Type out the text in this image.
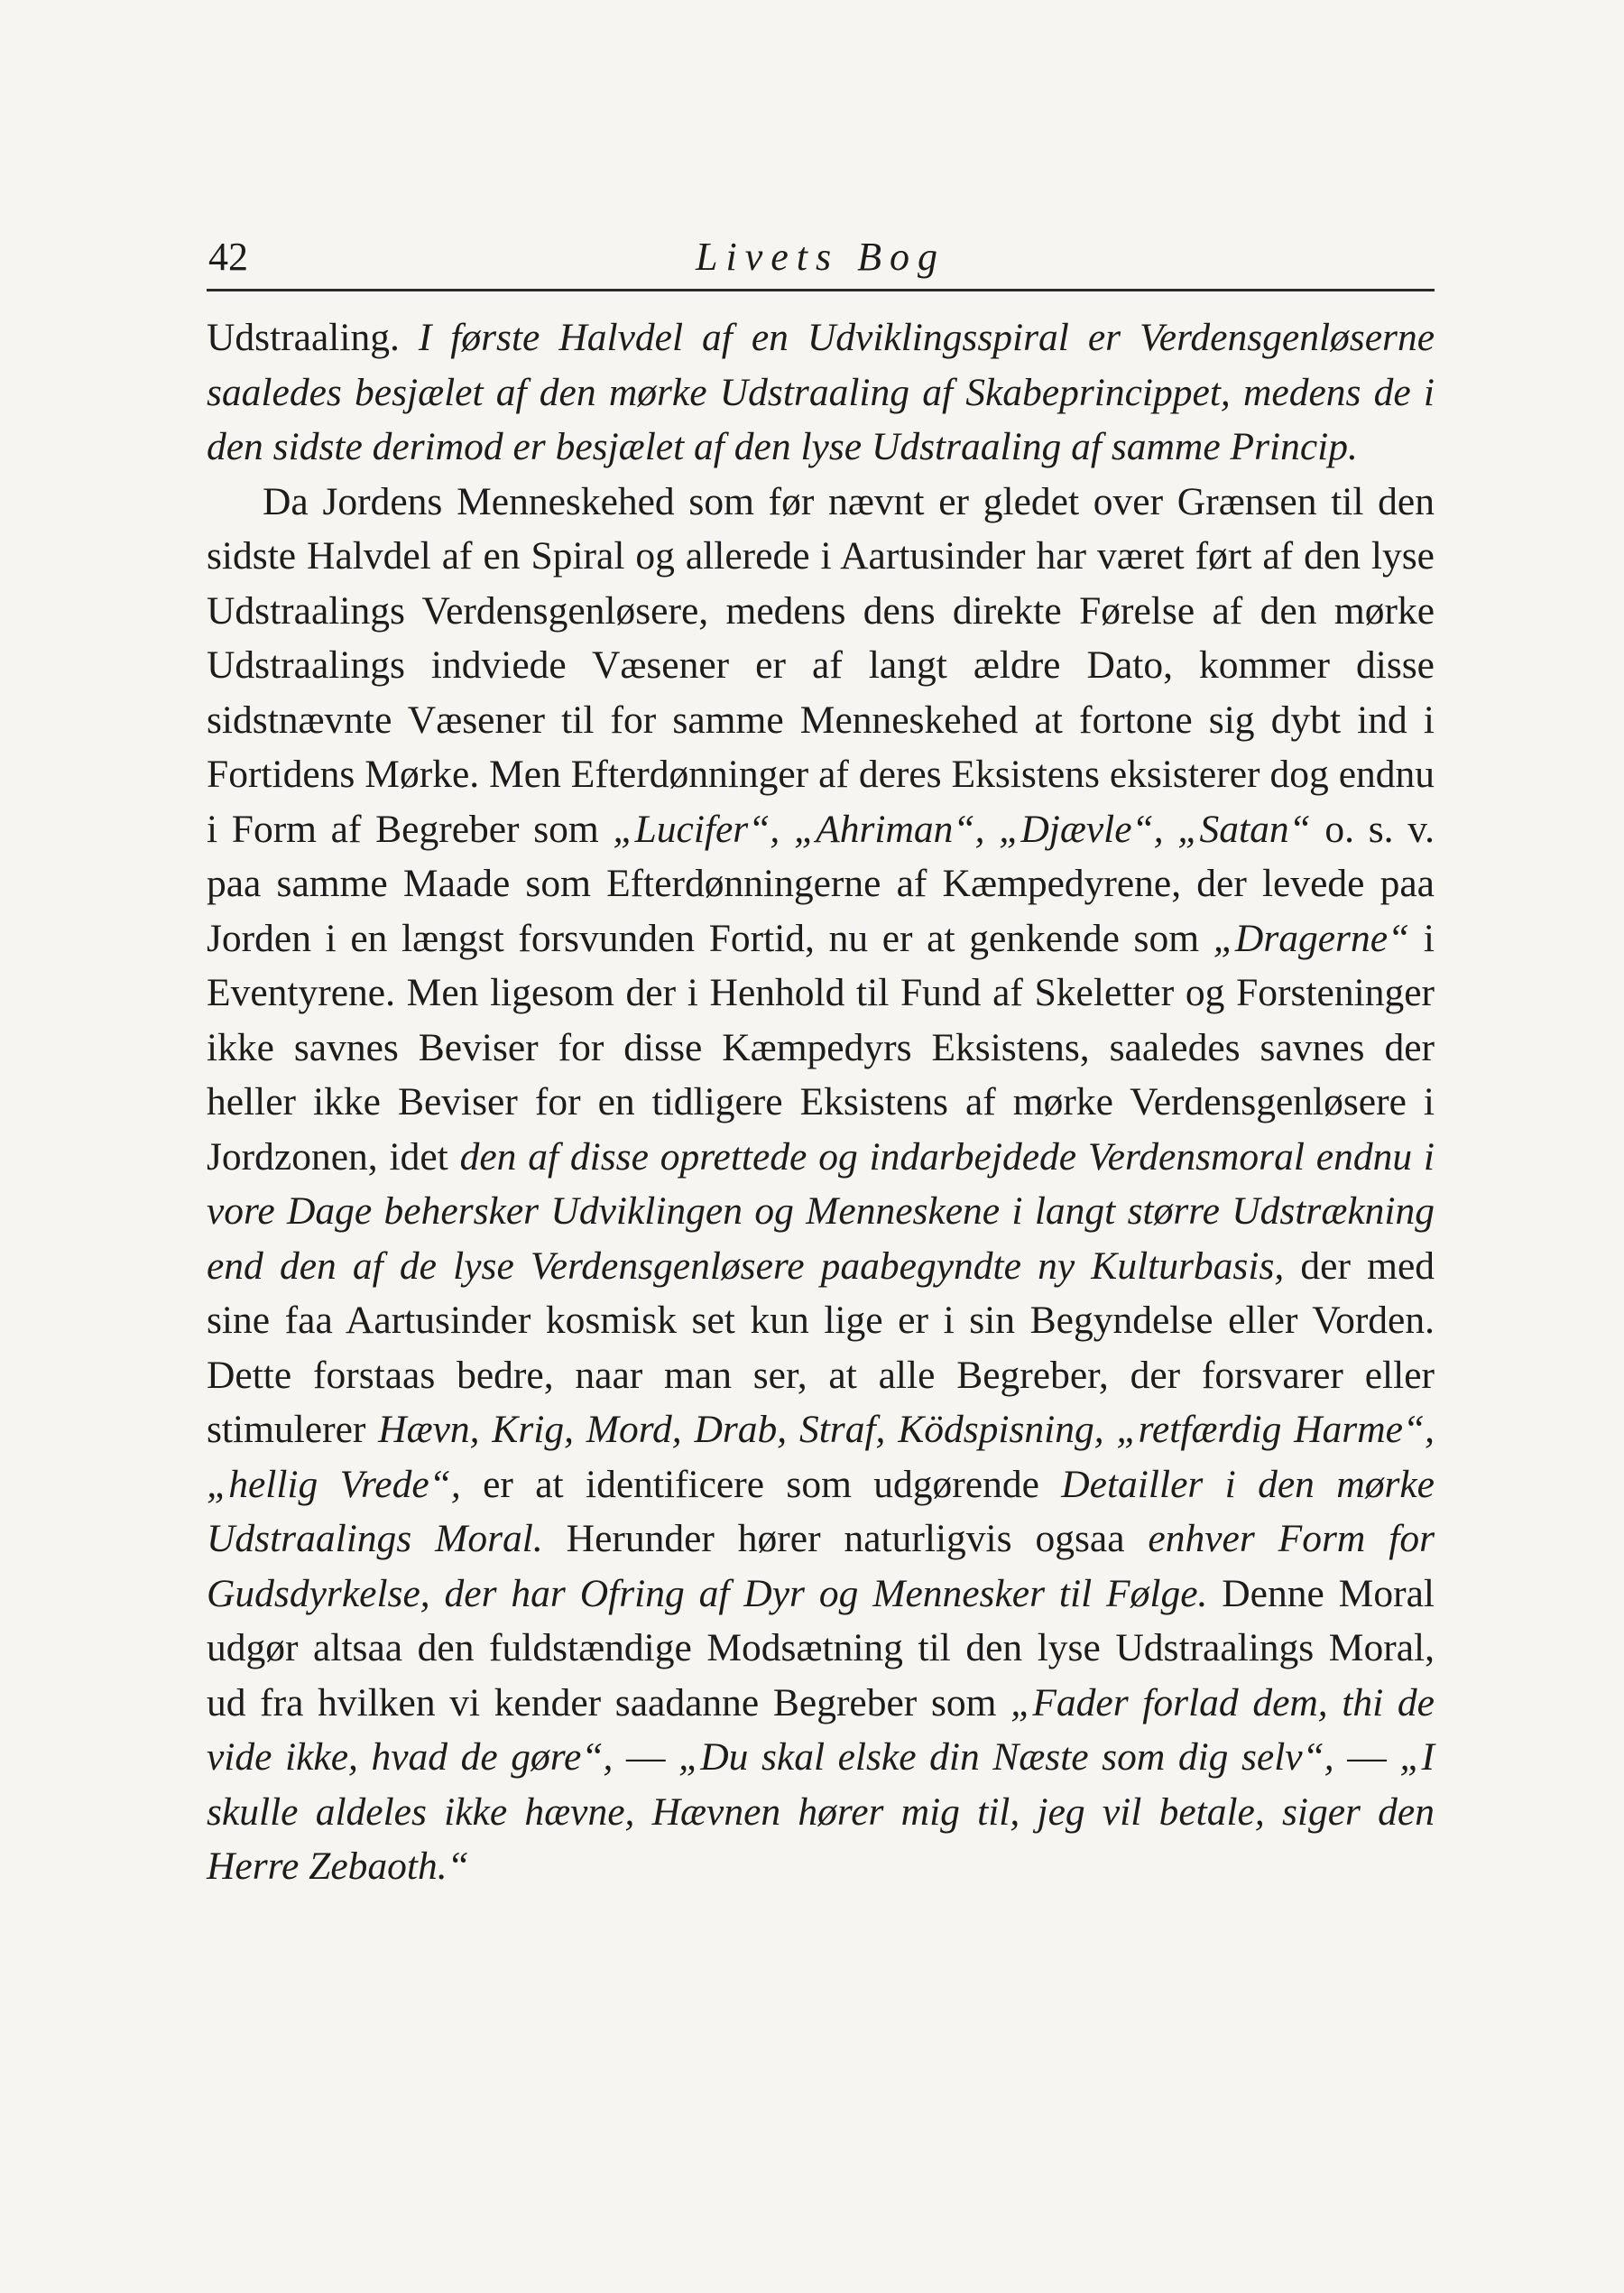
42	Livets Bog

Udstraaling. I første Halvdel af en Udviklingsspiral er Verdensgenløserne saaledes besjælet af den mørke Udstraaling af Skabeprincippet, medens de i den sidste derimod er besjælet af den lyse Udstraaling af samme Princip.

Da Jordens Menneskehed som før nævnt er gledet over Grænsen til den sidste Halvdel af en Spiral og allerede i Aartusinder har været ført af den lyse Udstraalings Verdensgenløsere, medens dens direkte Førelse af den mørke Udstraalings indviede Væsener er af langt ældre Dato, kommer disse sidstnævnte Væsener til for samme Menneskehed at fortone sig dybt ind i Fortidens Mørke. Men Efterdønninger af deres Eksistens eksisterer dog endnu i Form af Begreber som „Lucifer“, „Ahriman“, „Djævle“, „Satan“ o. s. v. paa samme Maade som Efterdønningerne af Kæmpedyrene, der levede paa Jorden i en længst forsvunden Fortid, nu er at genkende som „Dragerne“ i Eventyrene. Men ligesom der i Henhold til Fund af Skeletter og Forsteninger ikke savnes Beviser for disse Kæmpedyrs Eksistens, saaledes savnes der heller ikke Beviser for en tidligere Eksistens af mørke Verdensgenløsere i Jordzonen, idet den af disse oprettede og indarbejdede Verdensmoral endnu i vore Dage behersker Udviklingen og Menneskene i langt større Udstrækning end den af de lyse Verdensgenløsere paabegyndte ny Kulturbasis, der med sine faa Aartusinder kosmisk set kun lige er i sin Begyndelse eller Vorden. Dette forstaas bedre, naar man ser, at alle Begreber, der forsvarer eller stimulerer Hævn, Krig, Mord, Drab, Straf, Ködspisning, „retfærdig Harme“, „hellig Vrede“, er at identificere som udgørende Detailler i den mørke Udstraalings Moral. Herunder hører naturligvis ogsaa enhver Form for Gudsdyrkelse, der har Ofring af Dyr og Mennesker til Følge. Denne Moral udgør altsaa den fuldstændige Modsætning til den lyse Udstraalings Moral, ud fra hvilken vi kender saadanne Begreber som „Fader forlad dem, thi de vide ikke, hvad de gøre“, — „Du skal elske din Næste som dig selv“, — „I skulle aldeles ikke hævne, Hævnen hører mig til, jeg vil betale, siger den Herre Zebaoth.“
